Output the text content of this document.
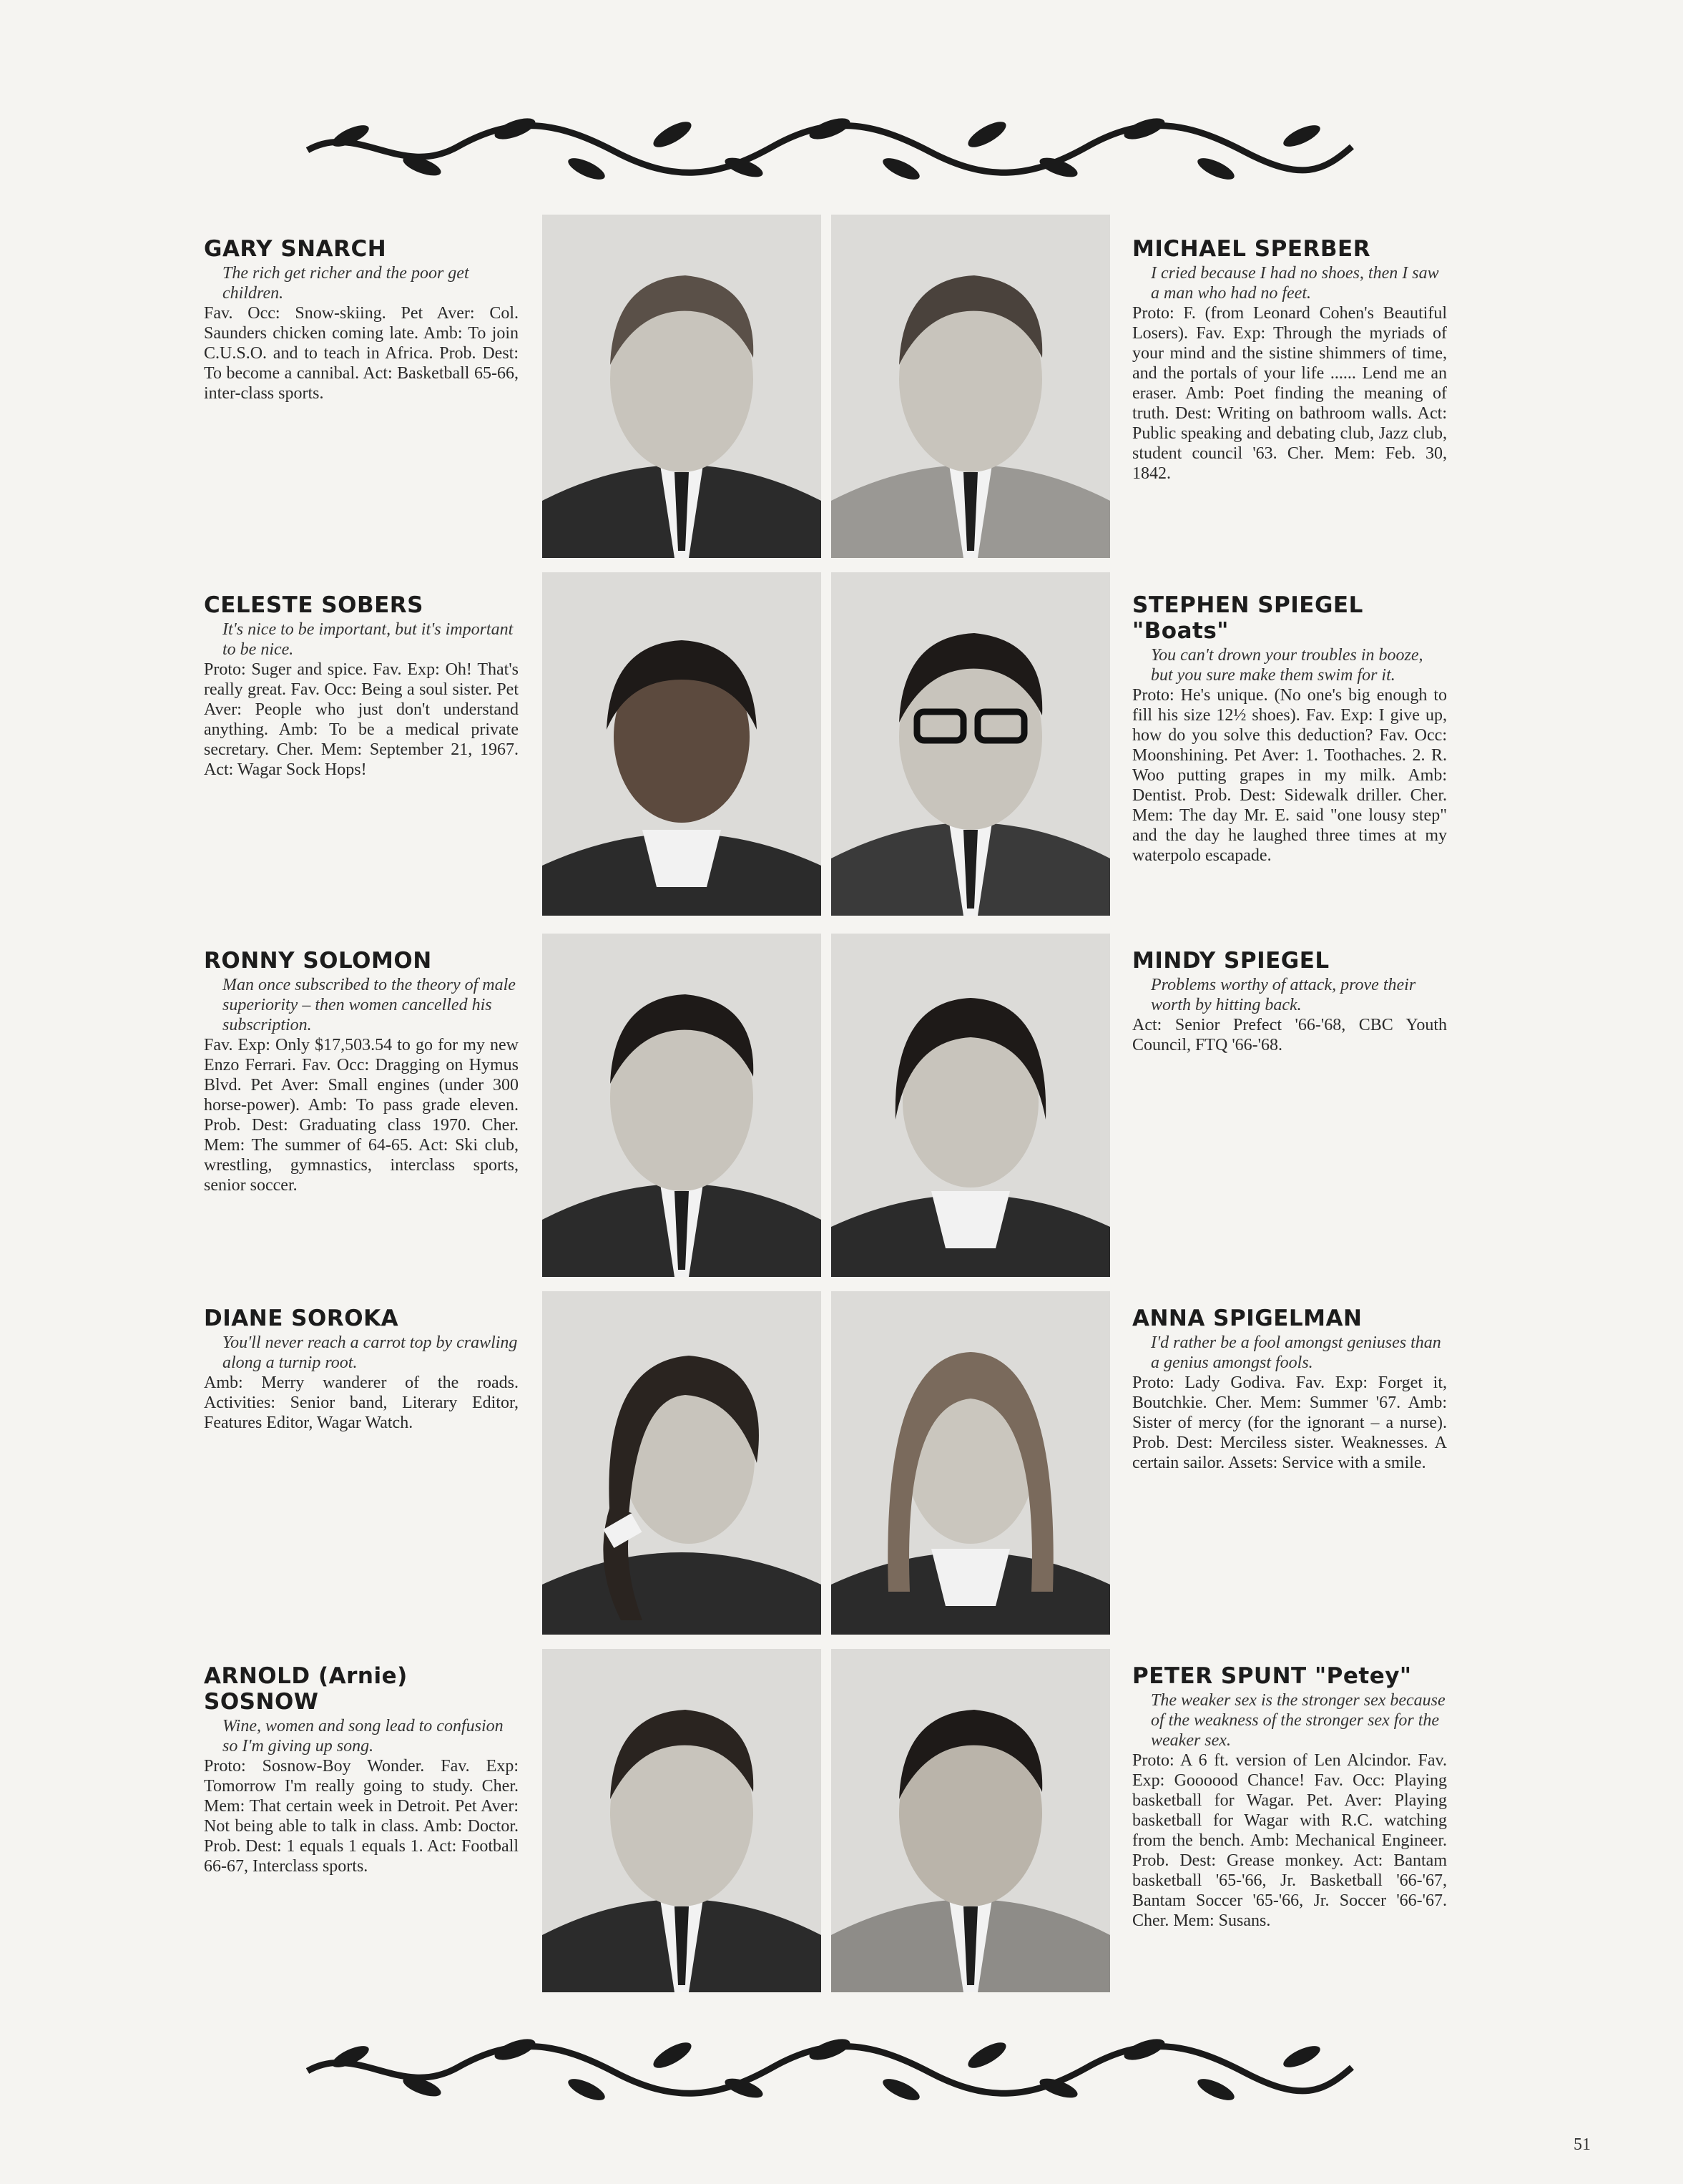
GARY SNARCH

The rich get richer and the poor get children.

Fav. Occ: Snow-skiing. Pet Aver: Col. Saunders chicken coming late. Amb: To join C.U.S.O. and to teach in Africa. Prob. Dest: To become a cannibal. Act: Basketball 65-66, inter-class sports.

MICHAEL SPERBER

I cried because I had no shoes, then I saw a man who had no feet.

Proto: F. (from Leonard Cohen's Beautiful Losers). Fav. Exp: Through the myriads of your mind and the sistine shimmers of time, and the portals of your life ...... Lend me an eraser. Amb: Poet finding the meaning of truth. Dest: Writing on bathroom walls. Act: Public speaking and debating club, Jazz club, student council '63. Cher. Mem: Feb. 30, 1842.

CELESTE SOBERS

It's nice to be important, but it's important to be nice.

Proto: Suger and spice. Fav. Exp: Oh! That's really great. Fav. Occ: Being a soul sister. Pet Aver: People who just don't understand anything. Amb: To be a medical private secretary. Cher. Mem: September 21, 1967. Act: Wagar Sock Hops!

STEPHEN SPIEGEL "Boats"

You can't drown your troubles in booze, but you sure make them swim for it.

Proto: He's unique. (No one's big enough to fill his size 12½ shoes). Fav. Exp: I give up, how do you solve this deduction? Fav. Occ: Moonshining. Pet Aver: 1. Toothaches. 2. R. Woo putting grapes in my milk. Amb: Dentist. Prob. Dest: Sidewalk driller. Cher. Mem: The day Mr. E. said "one lousy step" and the day he laughed three times at my waterpolo escapade.

RONNY SOLOMON

Man once subscribed to the theory of male superiority – then women cancelled his subscription.

Fav. Exp: Only $17,503.54 to go for my new Enzo Ferrari. Fav. Occ: Dragging on Hymus Blvd. Pet Aver: Small engines (under 300 horse-power). Amb: To pass grade eleven. Prob. Dest: Graduating class 1970. Cher. Mem: The summer of 64-65. Act: Ski club, wrestling, gymnastics, interclass sports, senior soccer.

MINDY SPIEGEL

Problems worthy of attack, prove their worth by hitting back.

Act: Senior Prefect '66-'68, CBC Youth Council, FTQ '66-'68.

DIANE SOROKA

You'll never reach a carrot top by crawling along a turnip root.

Amb: Merry wanderer of the roads. Activities: Senior band, Literary Editor, Features Editor, Wagar Watch.

ANNA SPIGELMAN

I'd rather be a fool amongst geniuses than a genius amongst fools.

Proto: Lady Godiva. Fav. Exp: Forget it, Boutchkie. Cher. Mem: Summer '67. Amb: Sister of mercy (for the ignorant – a nurse). Prob. Dest: Merciless sister. Weaknesses. A certain sailor. Assets: Service with a smile.

ARNOLD (Arnie) SOSNOW

Wine, women and song lead to confusion so I'm giving up song.

Proto: Sosnow-Boy Wonder. Fav. Exp: Tomorrow I'm really going to study. Cher. Mem: That certain week in Detroit. Pet Aver: Not being able to talk in class. Amb: Doctor. Prob. Dest: 1 equals 1 equals 1. Act: Football 66-67, Interclass sports.

PETER SPUNT "Petey"

The weaker sex is the stronger sex because of the weakness of the stronger sex for the weaker sex.

Proto: A 6 ft. version of Len Alcindor. Fav. Exp: Goooood Chance! Fav. Occ: Playing basketball for Wagar. Pet. Aver: Playing basketball for Wagar with R.C. watching from the bench. Amb: Mechanical Engineer. Prob. Dest: Grease monkey. Act: Bantam basketball '65-'66, Jr. Basketball '66-'67, Bantam Soccer '65-'66, Jr. Soccer '66-'67. Cher. Mem: Susans.

51
